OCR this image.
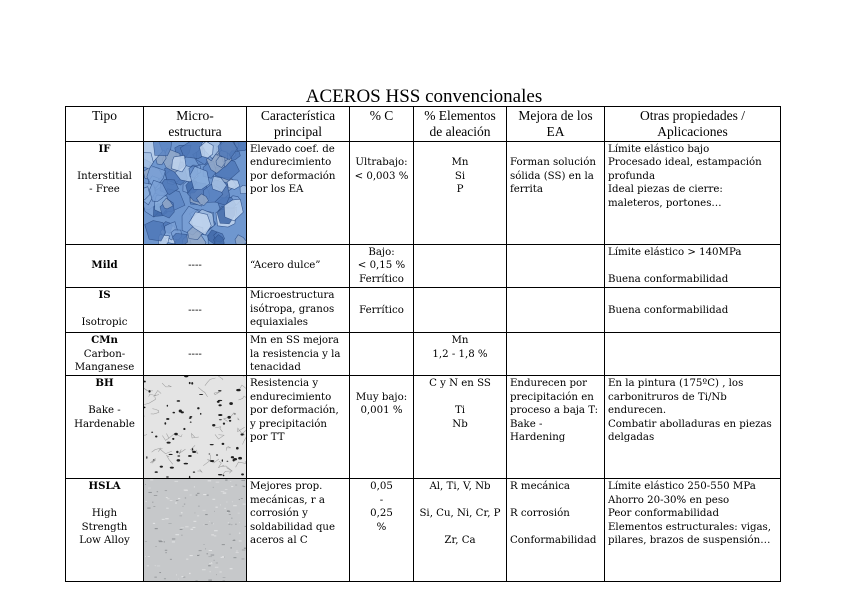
ACEROS HSS convencionales
Tipo	Micro-
estructura	Característica
principal	% C	% Elementos
de aleación	Mejora de los
EA	Otras propiedades /
Aplicaciones

IF

Interstitial
- Free		Elevado coef. de
endurecimiento
por deformación
por los EA	Ultrabajo:
< 0,003 %	Mn
Si
P	Forman solución
sólida (SS) en la
ferrita	Límite elástico bajo
Procesado ideal, estampación
profunda
Ideal piezas de cierre:
maleteros, portones…

Mild	----	“Acero dulce”	Bajo:
< 0,15 %
Ferrítico			Límite elástico > 140MPa

Buena conformabilidad

IS

Isotropic	----	Microestructura
isótropa, granos
equiaxiales	Ferrítico			Buena conformabilidad

CMn
Carbon-
Manganese	----	Mn en SS mejora
la resistencia y la
tenacidad		Mn
1,2 - 1,8 %		

BH

Bake -
Hardenable		Resistencia y
endurecimiento
por deformación,
y precipitación
por TT	Muy bajo:
0,001 %	C y N en SS

Ti
Nb	Endurecen por
precipitación en
proceso a baja T:
Bake -
Hardening	En la pintura (175ºC) , los
carbonitruros de Ti/Nb
endurecen.
Combatir abolladuras en piezas
delgadas

HSLA

High
Strength
Low Alloy		Mejores prop.
mecánicas, r a
corrosión y
soldabilidad que
aceros al C	0,05
-
0,25
%	Al, Ti, V, Nb

Si, Cu, Ni, Cr, P

Zr, Ca	R mecánica

R corrosión

Conformabilidad	Límite elástico 250-550 MPa
Ahorro 20-30% en peso
Peor conformabilidad
Elementos estructurales: vigas,
pilares, brazos de suspensión…
